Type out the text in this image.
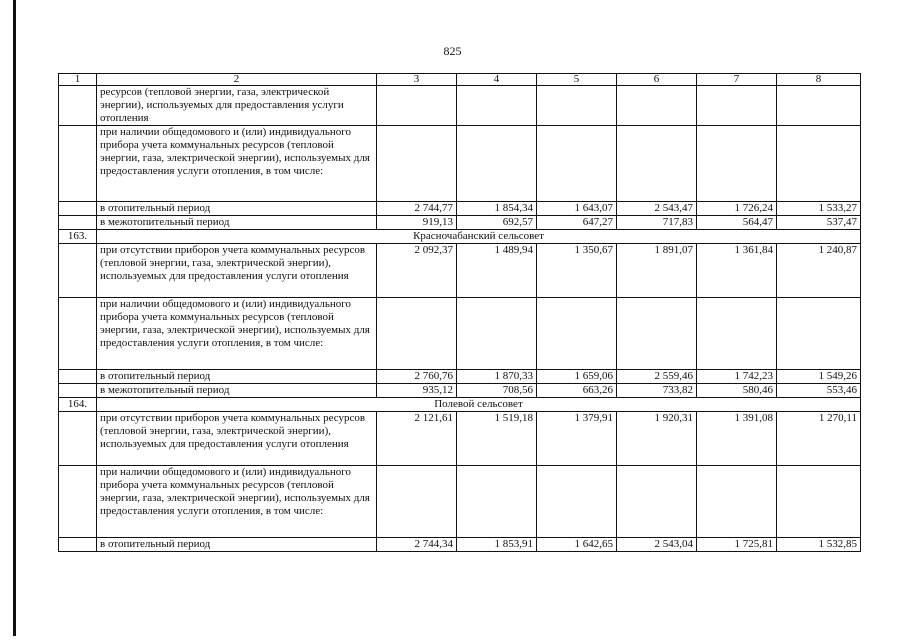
825
1	2	3	4	5	6	7	8
	ресурсов (тепловой энергии, газа, электрической энергии), используемых для предоставления услуги отопления						
	при наличии общедомового и (или) индивидуального прибора учета коммунальных ресурсов (тепловой энергии, газа, электрической энергии), используемых для предоставления услуги отопления, в том числе:						
	в отопительный период	2 744,77	1 854,34	1 643,07	2 543,47	1 726,24	1 533,27
	в межотопительный период	919,13	692,57	647,27	717,83	564,47	537,47
163.	Красночабанский сельсовет						
	при отсутствии приборов учета коммунальных ресурсов (тепловой энергии, газа, электрической энергии), используемых для предоставления услуги отопления	2 092,37	1 489,94	1 350,67	1 891,07	1 361,84	1 240,87
	при наличии общедомового и (или) индивидуального прибора учета коммунальных ресурсов (тепловой энергии, газа, электрической энергии), используемых для предоставления услуги отопления, в том числе:						
	в отопительный период	2 760,76	1 870,33	1 659,06	2 559,46	1 742,23	1 549,26
	в межотопительный период	935,12	708,56	663,26	733,82	580,46	553,46
164.	Полевой сельсовет						
	при отсутствии приборов учета коммунальных ресурсов (тепловой энергии, газа, электрической энергии), используемых для предоставления услуги отопления	2 121,61	1 519,18	1 379,91	1 920,31	1 391,08	1 270,11
	при наличии общедомового и (или) индивидуального прибора учета коммунальных ресурсов (тепловой энергии, газа, электрической энергии), используемых для предоставления услуги отопления, в том числе:						
	в отопительный период	2 744,34	1 853,91	1 642,65	2 543,04	1 725,81	1 532,85
